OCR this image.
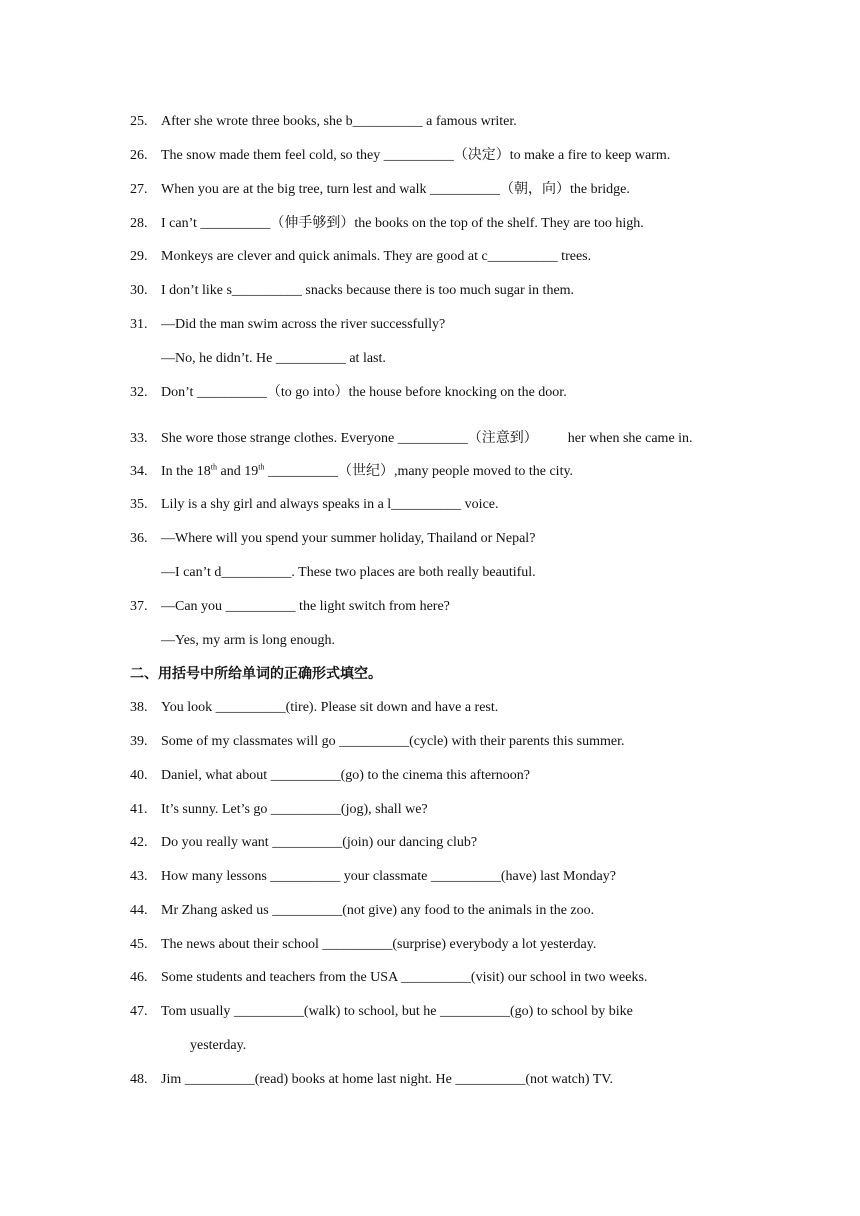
25. After she wrote three books, she b__________ a famous writer.
26. The snow made them feel cold, so they __________（决定）to make a fire to keep warm.
27. When you are at the big tree, turn lest and walk __________（朝，向）the bridge.
28. I can’t __________（伸手够到）the books on the top of the shelf. They are too high.
29. Monkeys are clever and quick animals. They are good at c__________ trees.
30. I don’t like s__________ snacks because there is too much sugar in them.
31. —Did the man swim across the river successfully?
—No, he didn’t. He __________ at last.
32. Don’t __________（to go into）the house before knocking on the door.
33. She wore those strange clothes. Everyone __________（注意到） her when she came in.
34. In the 18th and 19th __________（世纪）,many people moved to the city.
35. Lily is a shy girl and always speaks in a l__________ voice.
36. —Where will you spend your summer holiday, Thailand or Nepal?
—I can’t d__________. These two places are both really beautiful.
37. —Can you __________ the light switch from here?
—Yes, my arm is long enough.
二、用括号中所给单词的正确形式填空。
38. You look __________(tire). Please sit down and have a rest.
39. Some of my classmates will go __________(cycle) with their parents this summer.
40. Daniel, what about __________(go) to the cinema this afternoon?
41. It’s sunny. Let’s go __________(jog), shall we?
42. Do you really want __________(join) our dancing club?
43. How many lessons __________ your classmate __________(have) last Monday?
44. Mr Zhang asked us __________(not give) any food to the animals in the zoo.
45. The news about their school __________(surprise) everybody a lot yesterday.
46. Some students and teachers from the USA __________(visit) our school in two weeks.
47. Tom usually __________(walk) to school, but he __________(go) to school by bike
yesterday.
48. Jim __________(read) books at home last night. He __________(not watch) TV.
